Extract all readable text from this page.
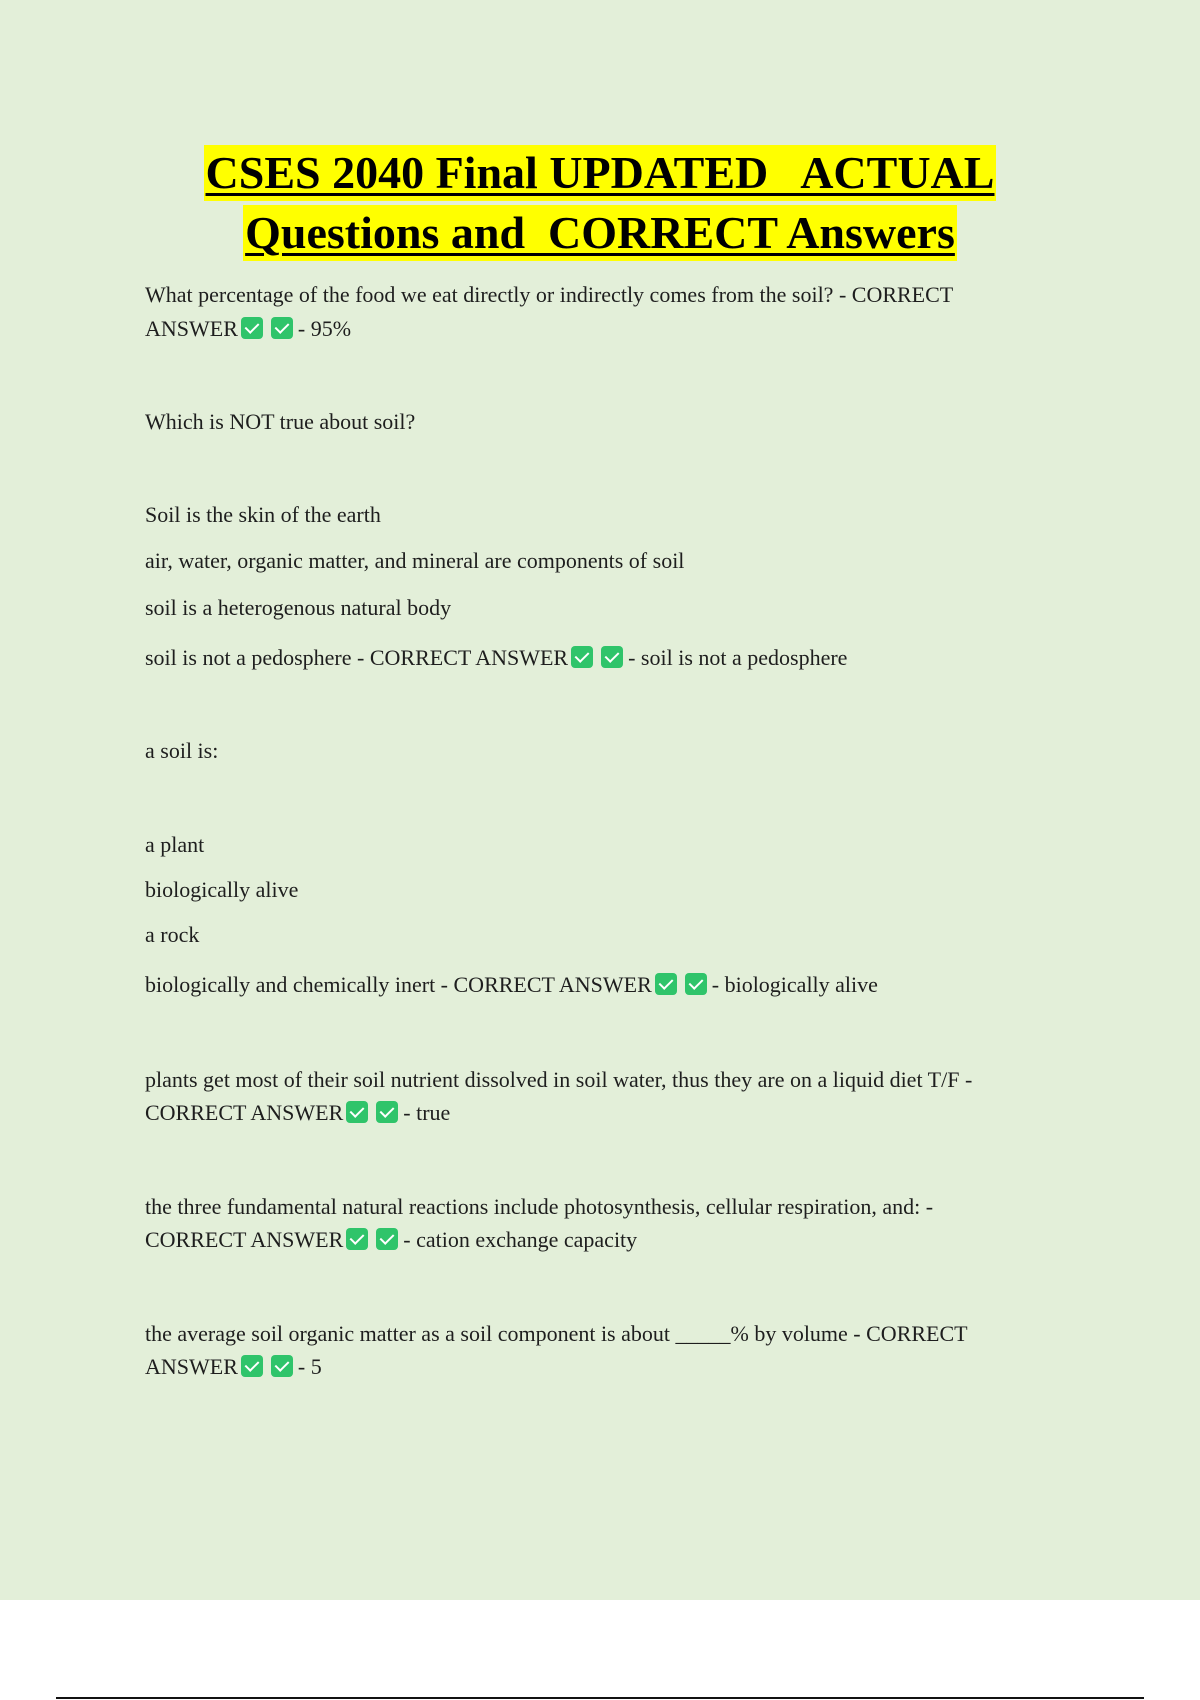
CSES 2040 Final UPDATED   ACTUAL
Questions and  CORRECT Answers
What percentage of the food we eat directly or indirectly comes from the soil? - CORRECT
ANSWER	- 95%
Which is NOT true about soil?
Soil is the skin of the earth
air, water, organic matter, and mineral are components of soil
soil is a heterogenous natural body
soil is not a pedosphere - CORRECT ANSWER	- soil is not a pedosphere
a soil is:
a plant
biologically alive
a rock
biologically and chemically inert - CORRECT ANSWER	- biologically alive
plants get most of their soil nutrient dissolved in soil water, thus they are on a liquid diet T/F -
CORRECT ANSWER	- true
the three fundamental natural reactions include photosynthesis, cellular respiration, and: -
CORRECT ANSWER	- cation exchange capacity
the average soil organic matter as a soil component is about _____% by volume - CORRECT
ANSWER	- 5
